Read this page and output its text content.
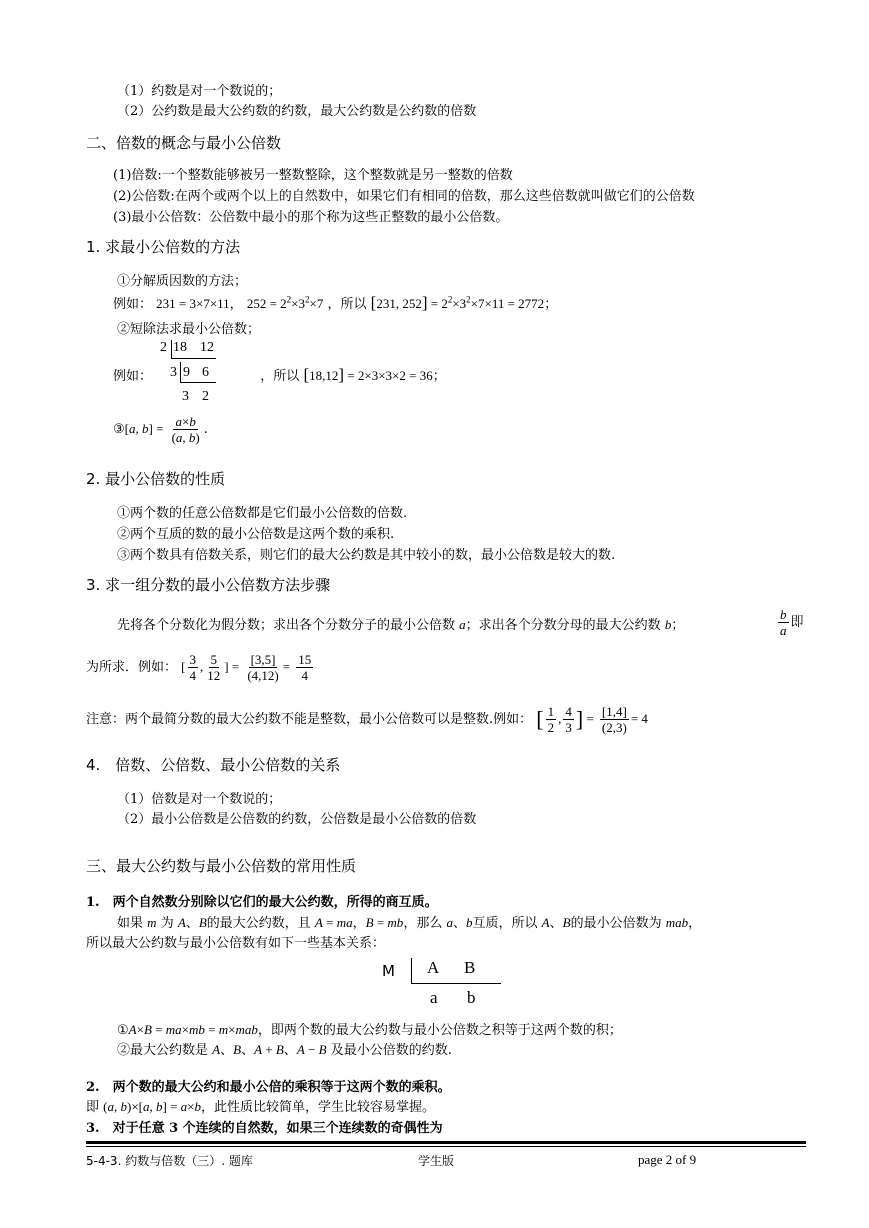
（1）约数是对一个数说的；
（2）公约数是最大公约数的约数，最大公约数是公约数的倍数
二、倍数的概念与最小公倍数
(1)倍数:一个整数能够被另一整数整除，这个整数就是另一整数的倍数
(2)公倍数:在两个或两个以上的自然数中，如果它们有相同的倍数，那么这些倍数就叫做它们的公倍数
(3)最小公倍数：公倍数中最小的那个称为这些正整数的最小公倍数。
1. 求最小公倍数的方法
①分解质因数的方法；
例如： 231 = 3×7×11， $252 = 2^2\times 3^2\times 7$ ，所以 [231, $252] = 2^2\times 3^2\times 7\times 11 = 2772$；
②短除法求最小公倍数；
2 18 12
3 9 6
3 2
例如：	，所以 [18,12] = 2×3×3×2 = 36；
③[a, $b] = \frac{a\times b}{(a, b)}$ .
2. 最小公倍数的性质
①两个数的任意公倍数都是它们最小公倍数的倍数.
②两个互质的数的最小公倍数是这两个数的乘积.
③两个数具有倍数关系，则它们的最大公约数是其中较小的数，最小公倍数是较大的数.
3. 求一组分数的最小公倍数方法步骤
先将各个分数化为假分数；求出各个分数分子的最小公倍数 a；求出各个分数分母的最大公约数 b；	$\frac{b}{a}$ 即
为所求．例如： [ $\frac{3}{4}$ , $\frac{5}{12}$ ] = $\frac{[3,5]}{(4,12)} = \frac{15}{4}$
注意：两个最简分数的最大公约数不能是整数，最小公倍数可以是整数.例如： [ $\frac{1}{2}$ , $\frac{4}{3}$ ] = $\frac{[1,4]}{(2,3)} = 4$
4.　倍数、公倍数、最小公倍数的关系
（1）倍数是对一个数说的；
（2）最小公倍数是公倍数的约数，公倍数是最小公倍数的倍数
三、最大公约数与最小公倍数的常用性质
1.　两个自然数分别除以它们的最大公约数，所得的商互质。
如果 m 为 A、B的最大公约数，且 A = ma，B = mb，那么 a、b互质，所以 A、B的最小公倍数为 mab，
所以最大公约数与最小公倍数有如下一些基本关系：
M A B
a b
①A×B = ma×mb = m×mab，即两个数的最大公约数与最小公倍数之积等于这两个数的积；
②最大公约数是 A、B、A + B、A − B 及最小公倍数的约数.
2.　两个数的最大公约和最小公倍的乘积等于这两个数的乘积。
即 (a, b)×[a, b] = a×b，此性质比较简单，学生比较容易掌握。
3.　对于任意 3 个连续的自然数，如果三个连续数的奇偶性为
5-4-3. 约数与倍数（三）. 题库	学生版	page 2 of 9
